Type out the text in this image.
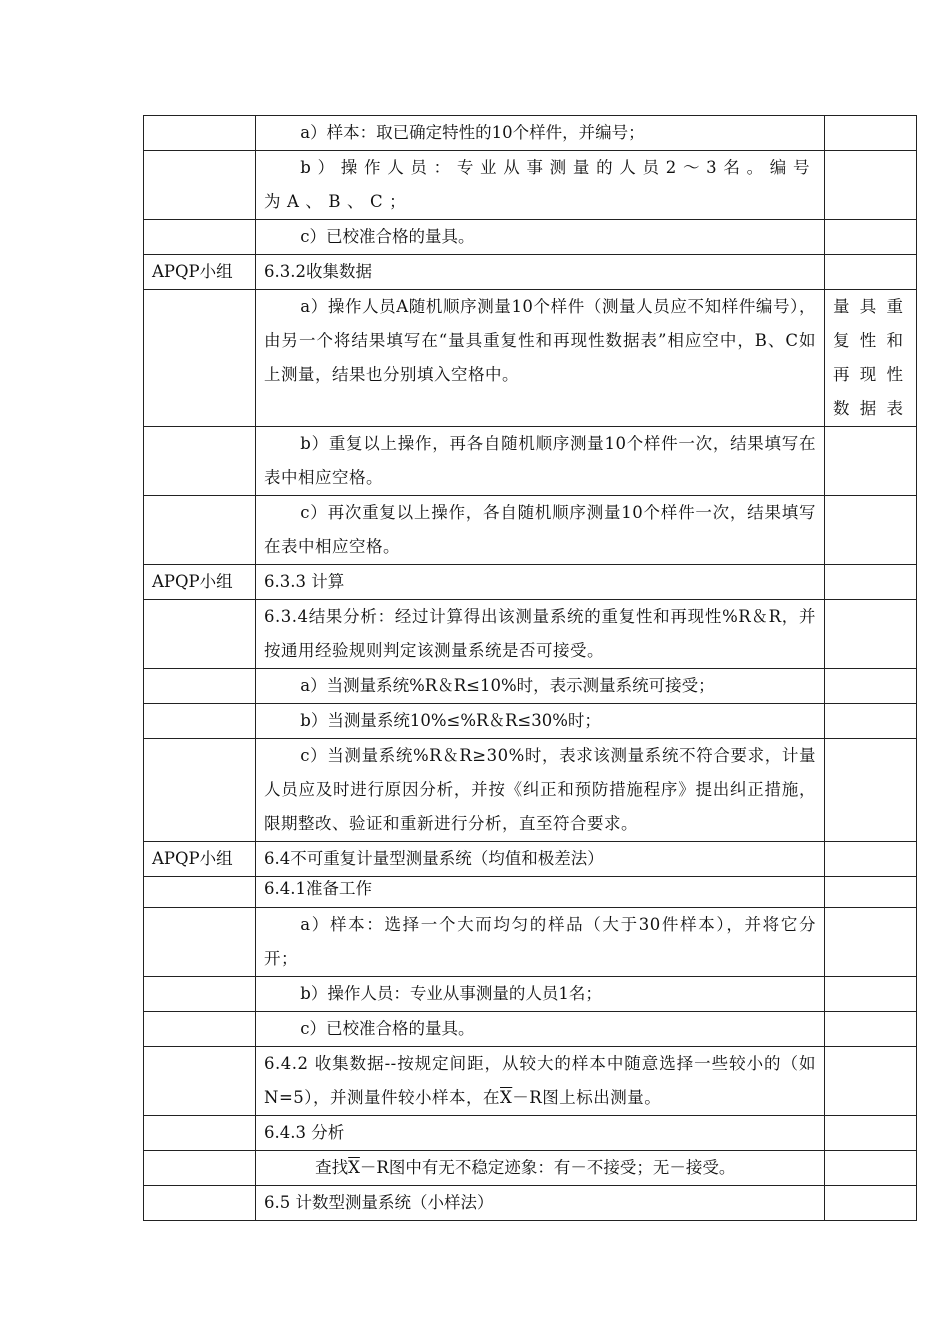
	a）样本：取已确定特性的10个样件，并编号；	

	b）操作人员：专业从事测量的人员2～3名。编号为A、B、C；	

	c）已校准合格的量具。	

APQP小组	6.3.2收集数据	

	a）操作人员A随机顺序测量10个样件（测量人员应不知样件编号），由另一个将结果填写在“量具重复性和再现性数据表”相应空中，B、C如上测量，结果也分别填入空格中。	量具重复性和再现性数据表

	b）重复以上操作，再各自随机顺序测量10个样件一次，结果填写在表中相应空格。	

	c）再次重复以上操作，各自随机顺序测量10个样件一次，结果填写在表中相应空格。	

APQP小组	6.3.3 计算	

	6.3.4结果分析：经过计算得出该测量系统的重复性和再现性%R＆R，并按通用经验规则判定该测量系统是否可接受。	

	a）当测量系统%R＆R≤10%时，表示测量系统可接受；	

	b）当测量系统10%≤%R＆R≤30%时；	

	c）当测量系统%R＆R≥30%时，表求该测量系统不符合要求，计量人员应及时进行原因分析，并按《纠正和预防措施程序》提出纠正措施，限期整改、验证和重新进行分析，直至符合要求。	

APQP小组	6.4不可重复计量型测量系统（均值和极差法）	

	6.4.1准备工作	

	a）样本：选择一个大而均匀的样品（大于30件样本），并将它分开；	

	b）操作人员：专业从事测量的人员1名；	

	c）已校准合格的量具。	

	6.4.2 收集数据--按规定间距，从较大的样本中随意选择一些较小的（如N=5），并测量件较小样本，在$\overline{X}-R$图上标出测量。	

	6.4.3 分析	

	查找$\overline{X}-R$图中有无不稳定迹象：有－不接受；无－接受。	

	6.5 计数型测量系统（小样法）	
